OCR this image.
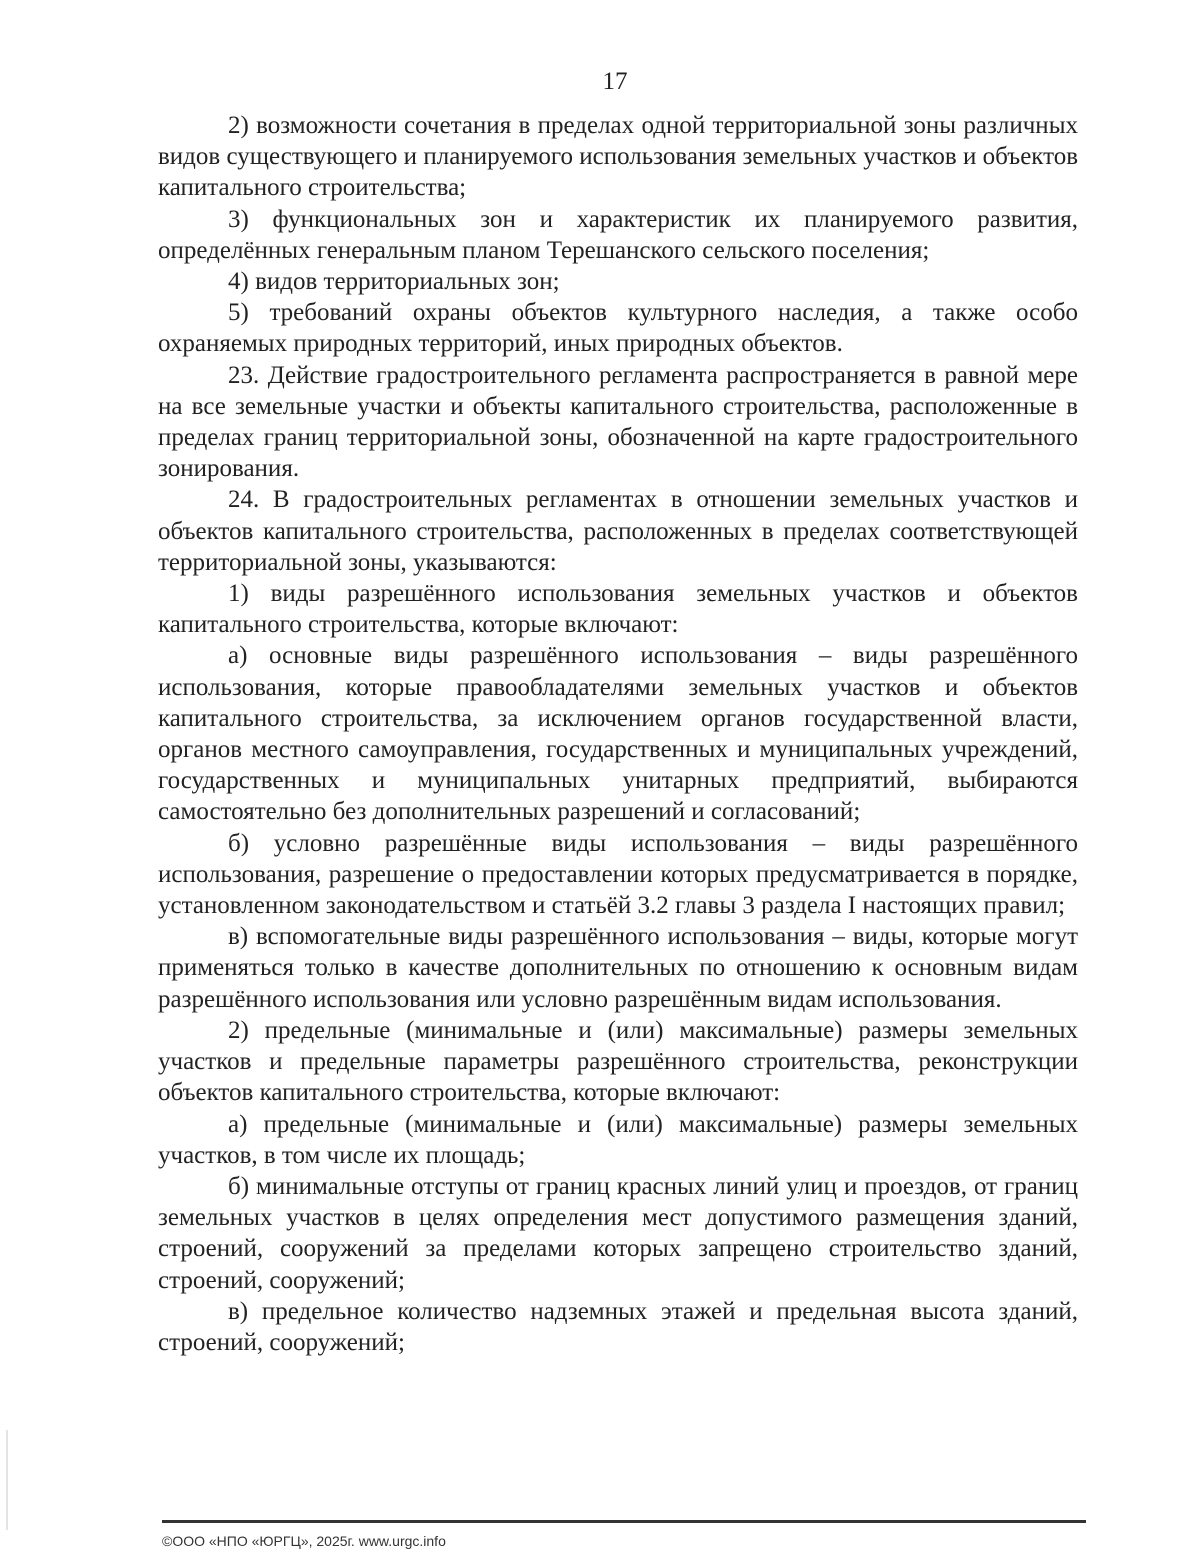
17

2) возможности сочетания в пределах одной территориальной зоны различных видов существующего и планируемого использования земельных участков и объектов капитального строительства;

3) функциональных зон и характеристик их планируемого развития, определённых генеральным планом Терешанского сельского поселения;

4) видов территориальных зон;

5) требований охраны объектов культурного наследия, а также особо охраняемых природных территорий, иных природных объектов.

23. Действие градостроительного регламента распространяется в равной мере на все земельные участки и объекты капитального строительства, расположенные в пределах границ территориальной зоны, обозначенной на карте градостроительного зонирования.

24. В градостроительных регламентах в отношении земельных участков и объектов капитального строительства, расположенных в пределах соответствующей территориальной зоны, указываются:

1) виды разрешённого использования земельных участков и объектов капитального строительства, которые включают:

а) основные виды разрешённого использования – виды разрешённого использования, которые правообладателями земельных участков и объектов капитального строительства, за исключением органов государственной власти, органов местного самоуправления, государственных и муниципальных учреждений, государственных и муниципальных унитарных предприятий, выбираются самостоятельно без дополнительных разрешений и согласований;

б) условно разрешённые виды использования – виды разрешённого использования, разрешение о предоставлении которых предусматривается в порядке, установленном законодательством и статьёй 3.2 главы 3 раздела I настоящих правил;

в) вспомогательные виды разрешённого использования – виды, которые могут применяться только в качестве дополнительных по отношению к основным видам разрешённого использования или условно разрешённым видам использования.

2) предельные (минимальные и (или) максимальные) размеры земельных участков и предельные параметры разрешённого строительства, реконструкции объектов капитального строительства, которые включают:

а) предельные (минимальные и (или) максимальные) размеры земельных участков, в том числе их площадь;

б) минимальные отступы от границ красных линий улиц и проездов, от границ земельных участков в целях определения мест допустимого размещения зданий, строений, сооружений за пределами которых запрещено строительство зданий, строений, сооружений;

в) предельное количество надземных этажей и предельная высота зданий, строений, сооружений;

©ООО «НПО «ЮРГЦ», 2025г. www.urgc.info
